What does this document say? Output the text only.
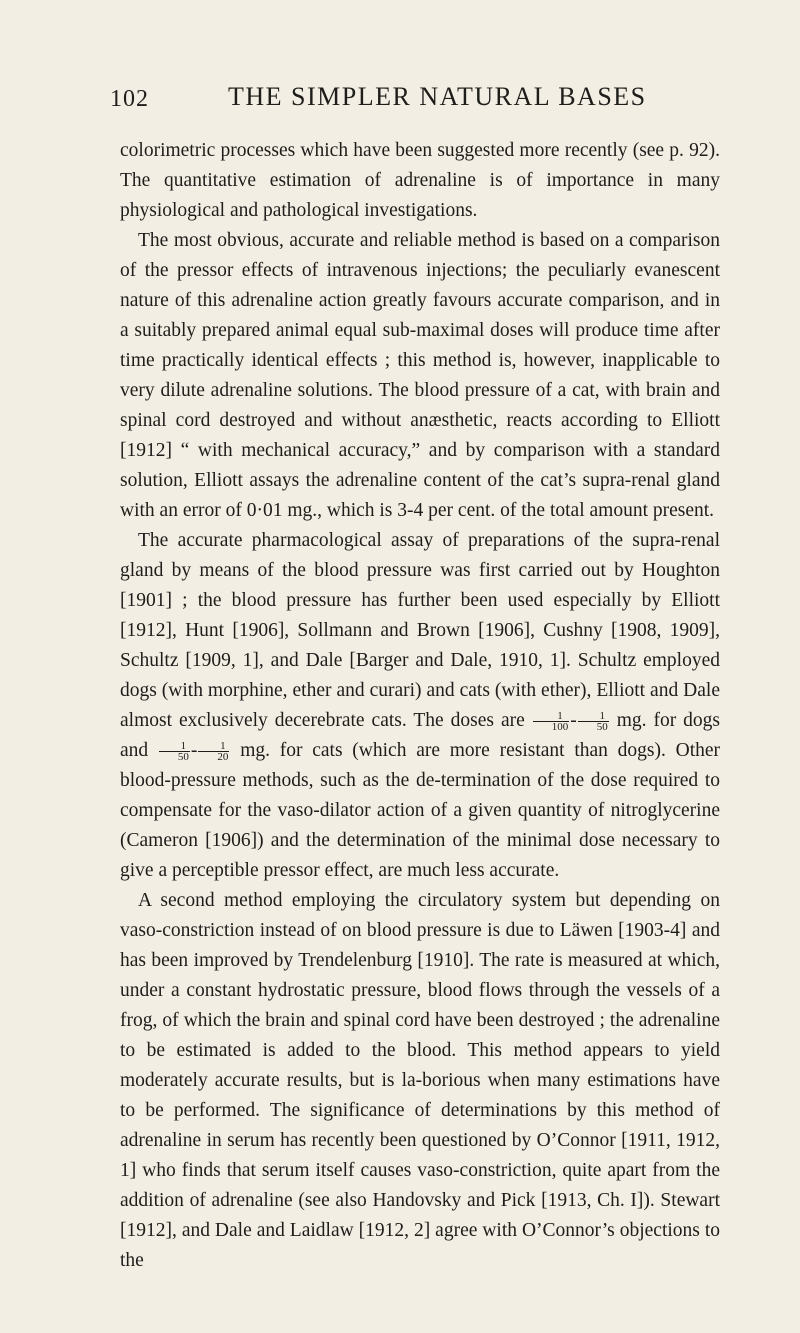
102	THE SIMPLER NATURAL BASES

colorimetric processes which have been suggested more recently (see p. 92). The quantitative estimation of adrenaline is of importance in many physiological and pathological investigations.

The most obvious, accurate and reliable method is based on a comparison of the pressor effects of intravenous injections; the peculiarly evanescent nature of this adrenaline action greatly favours accurate comparison, and in a suitably prepared animal equal sub-maximal doses will produce time after time practically identical effects ; this method is, however, inapplicable to very dilute adrenaline solutions. The blood pressure of a cat, with brain and spinal cord destroyed and without anæsthetic, reacts according to Elliott [1912] “ with mechanical accuracy,” and by comparison with a standard solution, Elliott assays the adrenaline content of the cat’s supra-renal gland with an error of 0·01 mg., which is 3-4 per cent. of the total amount present.

The accurate pharmacological assay of preparations of the supra-renal gland by means of the blood pressure was first carried out by Houghton [1901] ; the blood pressure has further been used especially by Elliott [1912], Hunt [1906], Sollmann and Brown [1906], Cushny [1908, 1909], Schultz [1909, 1], and Dale [Barger and Dale, 1910, 1]. Schultz employed dogs (with morphine, ether and curari) and cats (with ether), Elliott and Dale almost exclusively decerebrate cats. The doses are $\frac{1}{100} - \frac{1}{50}$ mg. for dogs and $\frac{1}{50} - \frac{1}{20}$ mg. for cats (which are more resistant than dogs). Other blood-pressure methods, such as the de-termination of the dose required to compensate for the vaso-dilator action of a given quantity of nitroglycerine (Cameron [1906]) and the determination of the minimal dose necessary to give a perceptible pressor effect, are much less accurate.

A second method employing the circulatory system but depending on vaso-constriction instead of on blood pressure is due to Läwen [1903-4] and has been improved by Trendelenburg [1910]. The rate is measured at which, under a constant hydrostatic pressure, blood flows through the vessels of a frog, of which the brain and spinal cord have been destroyed ; the adrenaline to be estimated is added to the blood. This method appears to yield moderately accurate results, but is la-borious when many estimations have to be performed. The significance of determinations by this method of adrenaline in serum has recently been questioned by O’Connor [1911, 1912, 1] who finds that serum itself causes vaso-constriction, quite apart from the addition of adrenaline (see also Handovsky and Pick [1913, Ch. I]). Stewart [1912], and Dale and Laidlaw [1912, 2] agree with O’Connor’s objections to the
